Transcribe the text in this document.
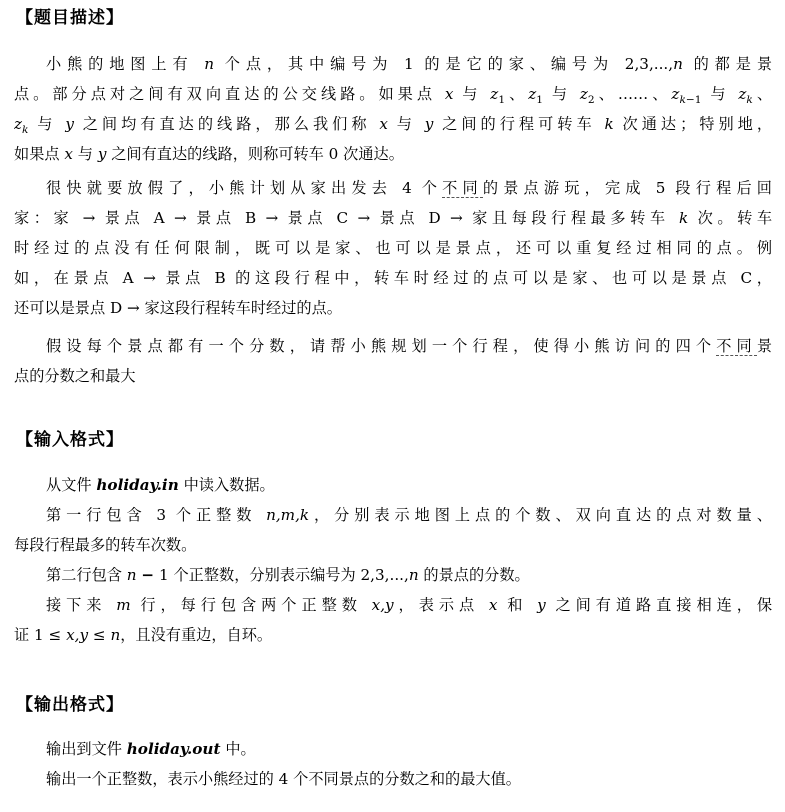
【题目描述】
小熊的地图上有 n 个点，其中编号为 1 的是它的家、编号为 2,3,...,n 的都是景
点。部分点对之间有双向直达的公交线路。如果点 x 与 $z_1$、$z_1$ 与 $z_2$、……、$z_{k-1}$ 与 $z_k$、
$z_k$ 与 y 之间均有直达的线路，那么我们称 x 与 y 之间的行程可转车 k 次通达；特别地，
如果点 x 与 y 之间有直达的线路，则称可转车 0 次通达。
很快就要放假了，小熊计划从家出发去 4 个不同的景点游玩，完成 5 段行程后回
家：家 → 景点 A → 景点 B → 景点 C → 景点 D → 家且每段行程最多转车 k 次。转车
时经过的点没有任何限制，既可以是家、也可以是景点，还可以重复经过相同的点。例
如，在景点 A → 景点 B 的这段行程中，转车时经过的点可以是家、也可以是景点 C，
还可以是景点 D → 家这段行程转车时经过的点。
假设每个景点都有一个分数，请帮小熊规划一个行程，使得小熊访问的四个不同景
点的分数之和最大
【输入格式】
从文件 holiday.in 中读入数据。
第一行包含 3 个正整数 n,m,k，分别表示地图上点的个数、双向直达的点对数量、
每段行程最多的转车次数。
第二行包含 n − 1 个正整数，分别表示编号为 2,3,...,n 的景点的分数。
接下来 m 行，每行包含两个正整数 x,y，表示点 x 和 y 之间有道路直接相连，保
证 1 ≤ x,y ≤ n，且没有重边，自环。
【输出格式】
输出到文件 holiday.out 中。
输出一个正整数，表示小熊经过的 4 个不同景点的分数之和的最大值。
